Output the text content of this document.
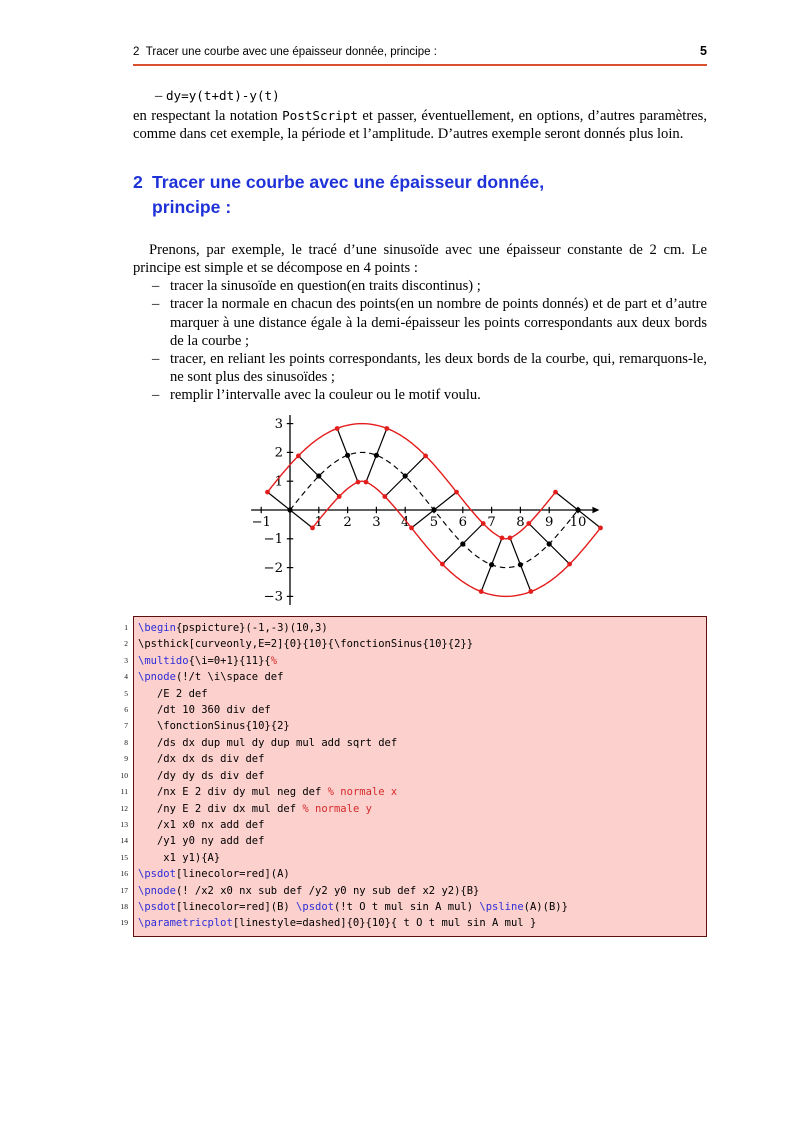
2 Tracer une courbe avec une épaisseur donnée, principe :	5
– dy=y(t+dt)-y(t)

en respectant la notation PostScript et passer, éventuellement, en options, d’autres paramètres, comme dans cet exemple, la période et l’amplitude. D’autres exemple seront donnés plus loin.

2 Tracer une courbe avec une épaisseur donnée,
principe :

Prenons, par exemple, le tracé d’une sinusoïde avec une épaisseur constante de 2 cm. Le principe est simple et se décompose en 4 points :

– tracer la sinusoïde en question(en traits discontinus) ;
– tracer la normale en chacun des points(en un nombre de points donnés) et de part et d’autre marquer à une distance égale à la demi-épaisseur les points correspondants aux deux bords de la courbe ;
– tracer, en reliant les points correspondants, les deux bords de la courbe, qui, remarquons-le, ne sont plus des sinusoïdes ;
– remplir l’intervalle avec la couleur ou le motif voulu.
−1	1 2 3 4 5 6 7 8 9 10
−3
−2
−1
1
2
3
1 \begin{pspicture}(-1,-3)(10,3)
2 \psthick[curveonly,E=2]{0}{10}{\fonctionSinus{10}{2}}
3 \multido{\i=0+1}{11}{%
4 \pnode(!/t \i\space def
5 /E 2 def
6 /dt 10 360 div def
7 \fonctionSinus{10}{2}
8 /ds dx dup mul dy dup mul add sqrt def
9 /dx dx ds div def
10 /dy dy ds div def
11 /nx E 2 div dy mul neg def % normale x
12 /ny E 2 div dx mul def % normale y
13 /x1 x0 nx add def
14 /y1 y0 ny add def
15 x1 y1){A}
16 \psdot[linecolor=red](A)
17 \pnode(! /x2 x0 nx sub def /y2 y0 ny sub def x2 y2){B}
18 \psdot[linecolor=red](B) \psdot(!t O t mul sin A mul) \psline(A)(B)}
19 \parametricplot[linestyle=dashed]{0}{10}{ t O t mul sin A mul }
